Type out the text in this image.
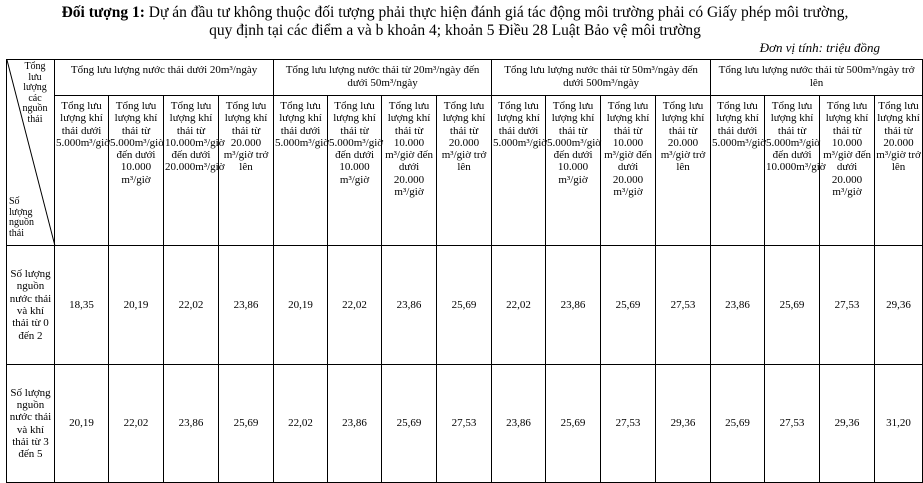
Đối tượng 1: Dự án đầu tư không thuộc đối tượng phải thực hiện đánh giá tác động môi trường phải có Giấy phép môi trường,
quy định tại các điểm a và b khoản 4; khoản 5 Điều 28 Luật Bảo vệ môi trường
Đơn vị tính: triệu đồng
Tổng lưu lượng các nguồn thải
Số lượng nguồn thải	Tổng lưu lượng nước thải dưới 20m³/ngày				Tổng lưu lượng nước thải từ 20m³/ngày đến dưới 50m³/ngày				Tổng lưu lượng nước thải từ 50m³/ngày đến dưới 500m³/ngày				Tổng lưu lượng nước thải từ 500m³/ngày trở lên			
	Tổng lưu lượng khí thải dưới 5.000m³/giờ	Tổng lưu lượng khí thải từ 5.000m³/giờ đến dưới 10.000 m³/giờ	Tổng lưu lượng khí thải từ 10.000m³/giờ đến dưới 20.000m³/giờ	Tổng lưu lượng khí thải từ 20.000 m³/giờ trở lên	Tổng lưu lượng khí thải dưới 5.000m³/giờ	Tổng lưu lượng khí thải từ 5.000m³/giờ đến dưới 10.000 m³/giờ	Tổng lưu lượng khí thải từ 10.000 m³/giờ đến dưới 20.000 m³/giờ	Tổng lưu lượng khí thải từ 20.000 m³/giờ trở lên	Tổng lưu lượng khí thải dưới 5.000m³/giờ	Tổng lưu lượng khí thải từ 5.000m³/giờ đến dưới 10.000 m³/giờ	Tổng lưu lượng khí thải từ 10.000 m³/giờ đến dưới 20.000 m³/giờ	Tổng lưu lượng khí thải từ 20.000 m³/giờ trở lên	Tổng lưu lượng khí thải dưới 5.000m³/giờ	Tổng lưu lượng khí thải từ 5.000m³/giờ đến dưới 10.000m³/giờ	Tổng lưu lượng khí thải từ 10.000 m³/giờ đến dưới 20.000 m³/giờ	Tổng lưu lượng khí thải từ 20.000 m³/giờ trở lên
Số lượng nguồn nước thải và khí thải từ 0 đến 2	18,35	20,19	22,02	23,86	20,19	22,02	23,86	25,69	22,02	23,86	25,69	27,53	23,86	25,69	27,53	29,36
Số lượng nguồn nước thải và khí thải từ 3 đến 5	20,19	22,02	23,86	25,69	22,02	23,86	25,69	27,53	23,86	25,69	27,53	29,36	25,69	27,53	29,36	31,20
